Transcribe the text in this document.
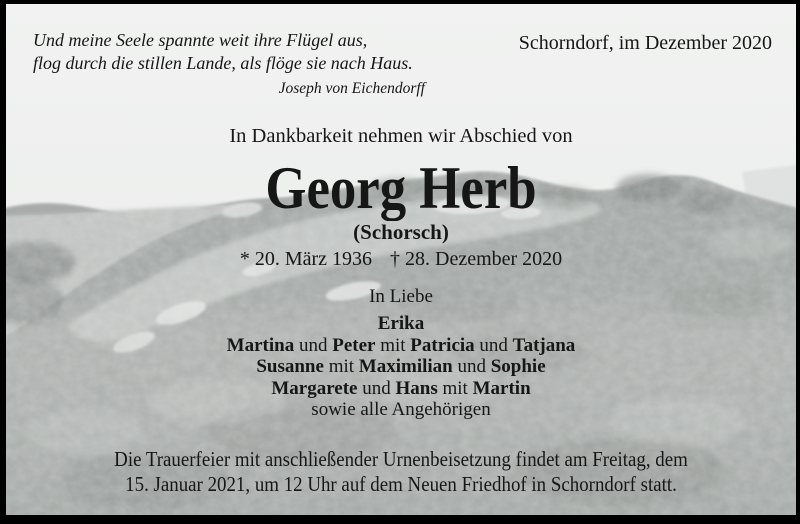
Und meine Seele spannte weit ihre Flügel aus,
flog durch die stillen Lande, als flöge sie nach Haus.
Joseph von Eichendorff
Schorndorf, im Dezember 2020
In Dankbarkeit nehmen wir Abschied von
Georg Herb
(Schorsch)
* 20. März 1936 † 28. Dezember 2020
In Liebe
Erika
Martina und Peter mit Patricia und Tatjana
Susanne mit Maximilian und Sophie
Margarete und Hans mit Martin
sowie alle Angehörigen
Die Trauerfeier mit anschließender Urnenbeisetzung findet am Freitag, dem
15. Januar 2021, um 12 Uhr auf dem Neuen Friedhof in Schorndorf statt.
